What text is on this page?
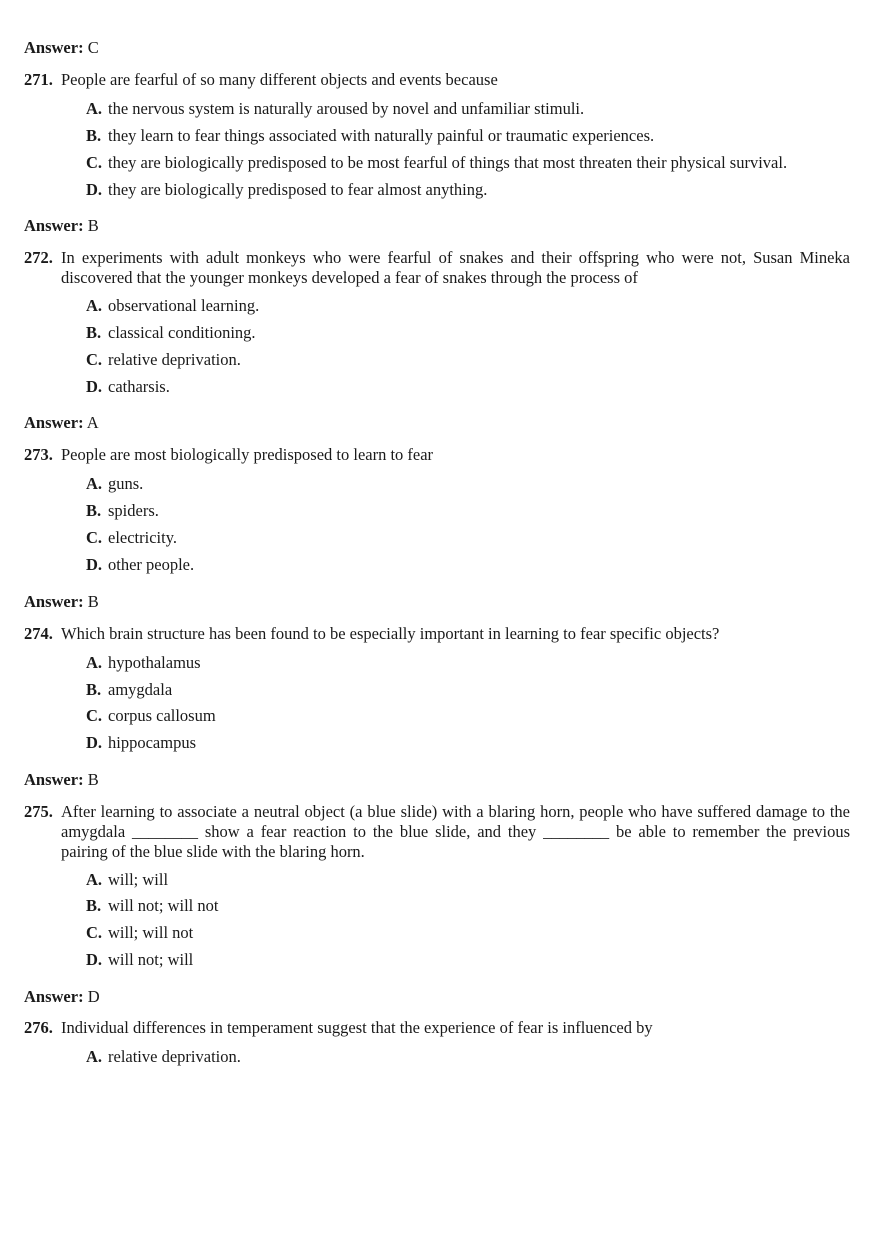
Answer: C
271. People are fearful of so many different objects and events because
A. the nervous system is naturally aroused by novel and unfamiliar stimuli.
B. they learn to fear things associated with naturally painful or traumatic experiences.
C. they are biologically predisposed to be most fearful of things that most threaten their physical survival.
D. they are biologically predisposed to fear almost anything.
Answer: B
272. In experiments with adult monkeys who were fearful of snakes and their offspring who were not, Susan Mineka discovered that the younger monkeys developed a fear of snakes through the process of
A. observational learning.
B. classical conditioning.
C. relative deprivation.
D. catharsis.
Answer: A
273. People are most biologically predisposed to learn to fear
A. guns.
B. spiders.
C. electricity.
D. other people.
Answer: B
274. Which brain structure has been found to be especially important in learning to fear specific objects?
A. hypothalamus
B. amygdala
C. corpus callosum
D. hippocampus
Answer: B
275. After learning to associate a neutral object (a blue slide) with a blaring horn, people who have suffered damage to the amygdala ________ show a fear reaction to the blue slide, and they ________ be able to remember the previous pairing of the blue slide with the blaring horn.
A. will; will
B. will not; will not
C. will; will not
D. will not; will
Answer: D
276. Individual differences in temperament suggest that the experience of fear is influenced by
A. relative deprivation.
